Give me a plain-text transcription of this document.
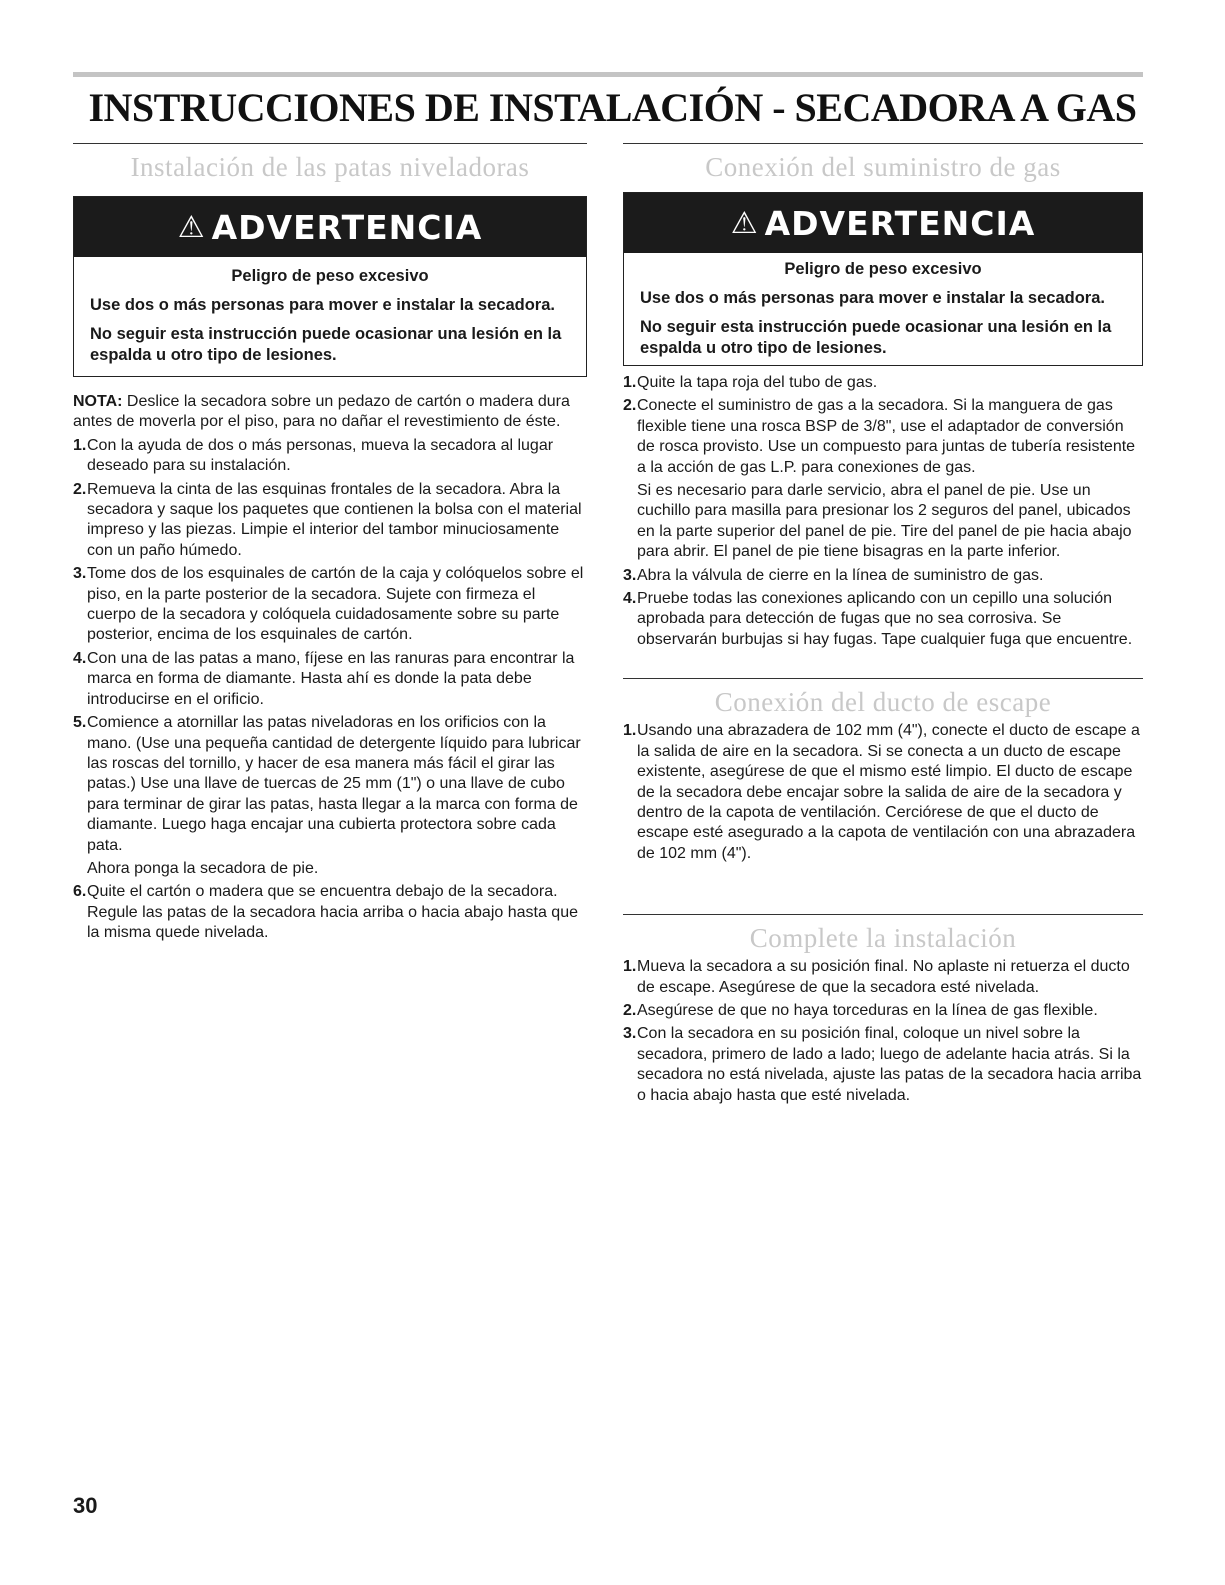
INSTRUCCIONES DE INSTALACIÓN - SECADORA A GAS
Instalación de las patas niveladoras
⚠ ADVERTENCIA

Peligro de peso excesivo

Use dos o más personas para mover e instalar la secadora.

No seguir esta instrucción puede ocasionar una lesión en la espalda u otro tipo de lesiones.

NOTA: Deslice la secadora sobre un pedazo de cartón o madera dura antes de moverla por el piso, para no dañar el revestimiento de éste.

1. Con la ayuda de dos o más personas, mueva la secadora al lugar deseado para su instalación.
2. Remueva la cinta de las esquinas frontales de la secadora. Abra la secadora y saque los paquetes que contienen la bolsa con el material impreso y las piezas. Limpie el interior del tambor minuciosamente con un paño húmedo.
3. Tome dos de los esquinales de cartón de la caja y colóquelos sobre el piso, en la parte posterior de la secadora. Sujete con firmeza el cuerpo de la secadora y colóquela cuidadosamente sobre su parte posterior, encima de los esquinales de cartón.
4. Con una de las patas a mano, fíjese en las ranuras para encontrar la marca en forma de diamante. Hasta ahí es donde la pata debe introducirse en el orificio.
5. Comience a atornillar las patas niveladoras en los orificios con la mano. (Use una pequeña cantidad de detergente líquido para lubricar las roscas del tornillo, y hacer de esa manera más fácil el girar las patas.) Use una llave de tuercas de 25 mm (1") o una llave de cubo para terminar de girar las patas, hasta llegar a la marca con forma de diamante. Luego haga encajar una cubierta protectora sobre cada pata.
Ahora ponga la secadora de pie.
6. Quite el cartón o madera que se encuentra debajo de la secadora. Regule las patas de la secadora hacia arriba o hacia abajo hasta que la misma quede nivelada.
Conexión del suministro de gas
⚠ ADVERTENCIA

Peligro de peso excesivo

Use dos o más personas para mover e instalar la secadora.

No seguir esta instrucción puede ocasionar una lesión en la espalda u otro tipo de lesiones.

1. Quite la tapa roja del tubo de gas.
2. Conecte el suministro de gas a la secadora. Si la manguera de gas flexible tiene una rosca BSP de 3/8", use el adaptador de conversión de rosca provisto. Use un compuesto para juntas de tubería resistente a la acción de gas L.P. para conexiones de gas.
Si es necesario para darle servicio, abra el panel de pie. Use un cuchillo para masilla para presionar los 2 seguros del panel, ubicados en la parte superior del panel de pie. Tire del panel de pie hacia abajo para abrir. El panel de pie tiene bisagras en la parte inferior.
3. Abra la válvula de cierre en la línea de suministro de gas.
4. Pruebe todas las conexiones aplicando con un cepillo una solución aprobada para detección de fugas que no sea corrosiva. Se observarán burbujas si hay fugas. Tape cualquier fuga que encuentre.
Conexión del ducto de escape
1. Usando una abrazadera de 102 mm (4"), conecte el ducto de escape a la salida de aire en la secadora. Si se conecta a un ducto de escape existente, asegúrese de que el mismo esté limpio. El ducto de escape de la secadora debe encajar sobre la salida de aire de la secadora y dentro de la capota de ventilación. Cerciórese de que el ducto de escape esté asegurado a la capota de ventilación con una abrazadera de 102 mm (4").
Complete la instalación
1. Mueva la secadora a su posición final. No aplaste ni retuerza el ducto de escape. Asegúrese de que la secadora esté nivelada.
2. Asegúrese de que no haya torceduras en la línea de gas flexible.
3. Con la secadora en su posición final, coloque un nivel sobre la secadora, primero de lado a lado; luego de adelante hacia atrás. Si la secadora no está nivelada, ajuste las patas de la secadora hacia arriba o hacia abajo hasta que esté nivelada.
30
